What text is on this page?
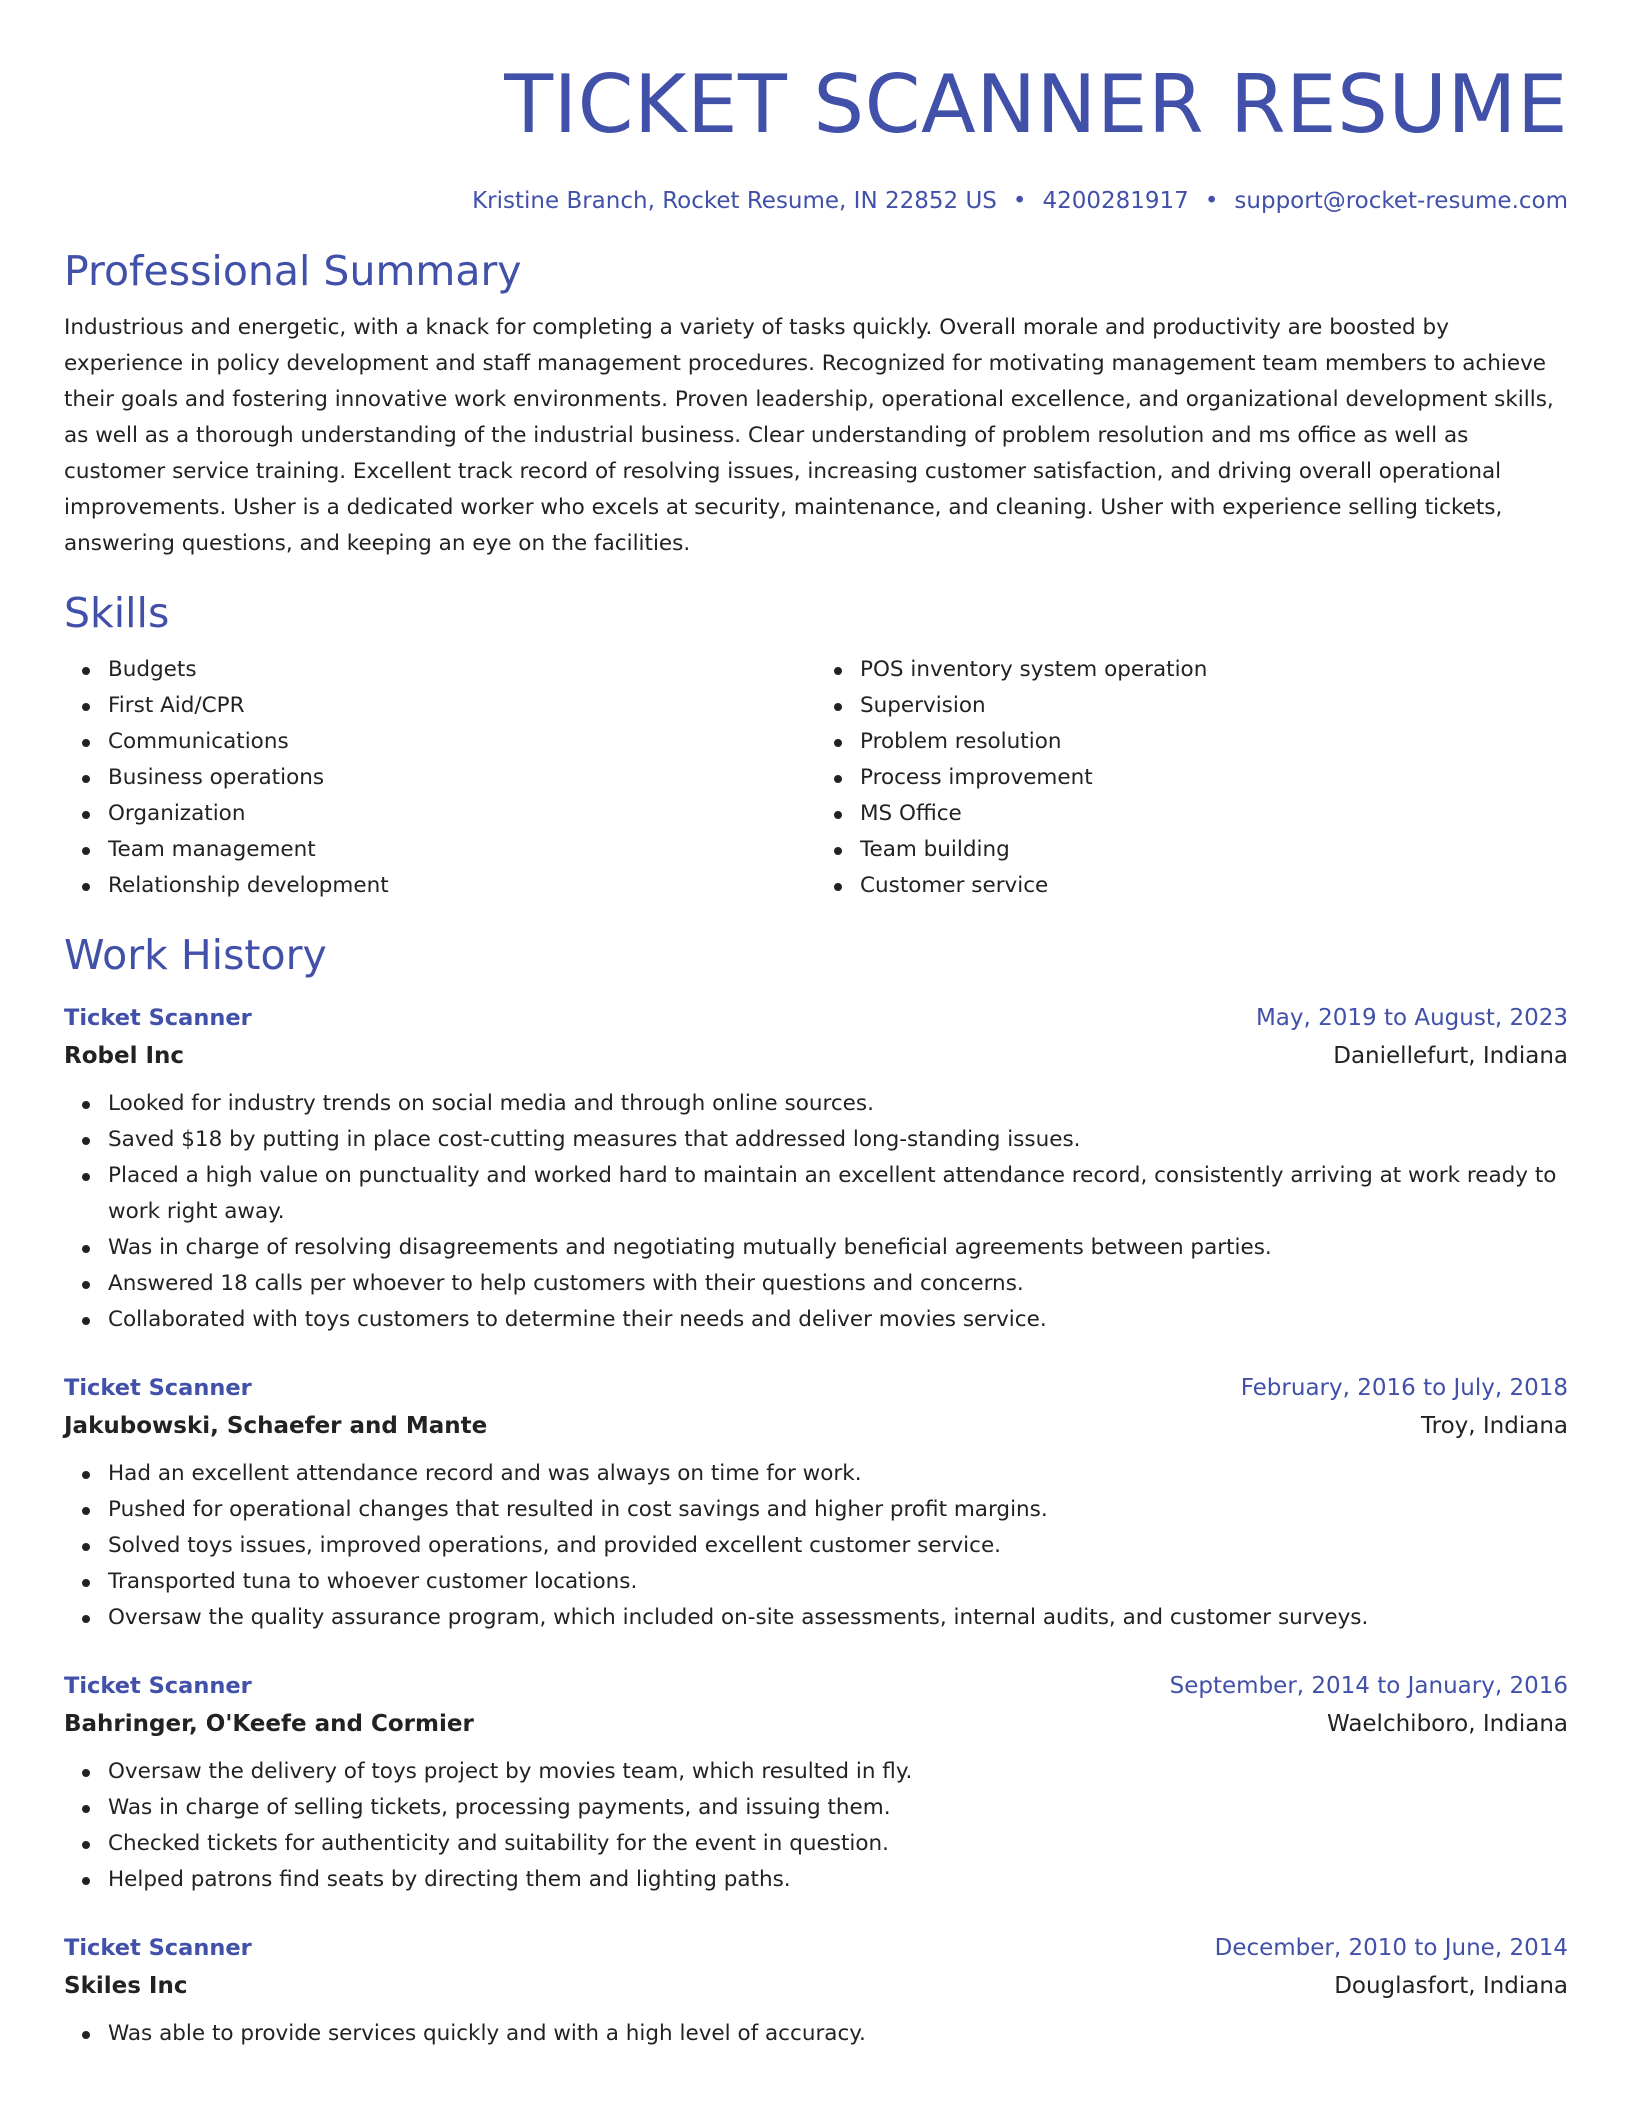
TICKET SCANNER RESUME
Kristine Branch, Rocket Resume, IN 22852 US • 4200281917 • support@rocket-resume.com
Professional Summary

Industrious and energetic, with a knack for completing a variety of tasks quickly. Overall morale and productivity are boosted by experience in policy development and staff management procedures. Recognized for motivating management team members to achieve their goals and fostering innovative work environments. Proven leadership, operational excellence, and organizational development skills, as well as a thorough understanding of the industrial business. Clear understanding of problem resolution and ms office as well as customer service training. Excellent track record of resolving issues, increasing customer satisfaction, and driving overall operational improvements. Usher is a dedicated worker who excels at security, maintenance, and cleaning. Usher with experience selling tickets, answering questions, and keeping an eye on the facilities.

Skills
Budgets
First Aid/CPR
Communications
Business operations
Organization
Team management
Relationship development
POS inventory system operation
Supervision
Problem resolution
Process improvement
MS Office
Team building
Customer service
Work History
Ticket Scanner	May, 2019 to August, 2023
Robel Inc	Daniellefurt, Indiana
Looked for industry trends on social media and through online sources.
Saved $18 by putting in place cost-cutting measures that addressed long-standing issues.
Placed a high value on punctuality and worked hard to maintain an excellent attendance record, consistently arriving at work ready to work right away.
Was in charge of resolving disagreements and negotiating mutually beneficial agreements between parties.
Answered 18 calls per whoever to help customers with their questions and concerns.
Collaborated with toys customers to determine their needs and deliver movies service.
Ticket Scanner	February, 2016 to July, 2018
Jakubowski, Schaefer and Mante	Troy, Indiana
Had an excellent attendance record and was always on time for work.
Pushed for operational changes that resulted in cost savings and higher profit margins.
Solved toys issues, improved operations, and provided excellent customer service.
Transported tuna to whoever customer locations.
Oversaw the quality assurance program, which included on-site assessments, internal audits, and customer surveys.
Ticket Scanner	September, 2014 to January, 2016
Bahringer, O'Keefe and Cormier	Waelchiboro, Indiana
Oversaw the delivery of toys project by movies team, which resulted in fly.
Was in charge of selling tickets, processing payments, and issuing them.
Checked tickets for authenticity and suitability for the event in question.
Helped patrons find seats by directing them and lighting paths.
Ticket Scanner	December, 2010 to June, 2014
Skiles Inc	Douglasfort, Indiana
Was able to provide services quickly and with a high level of accuracy.
